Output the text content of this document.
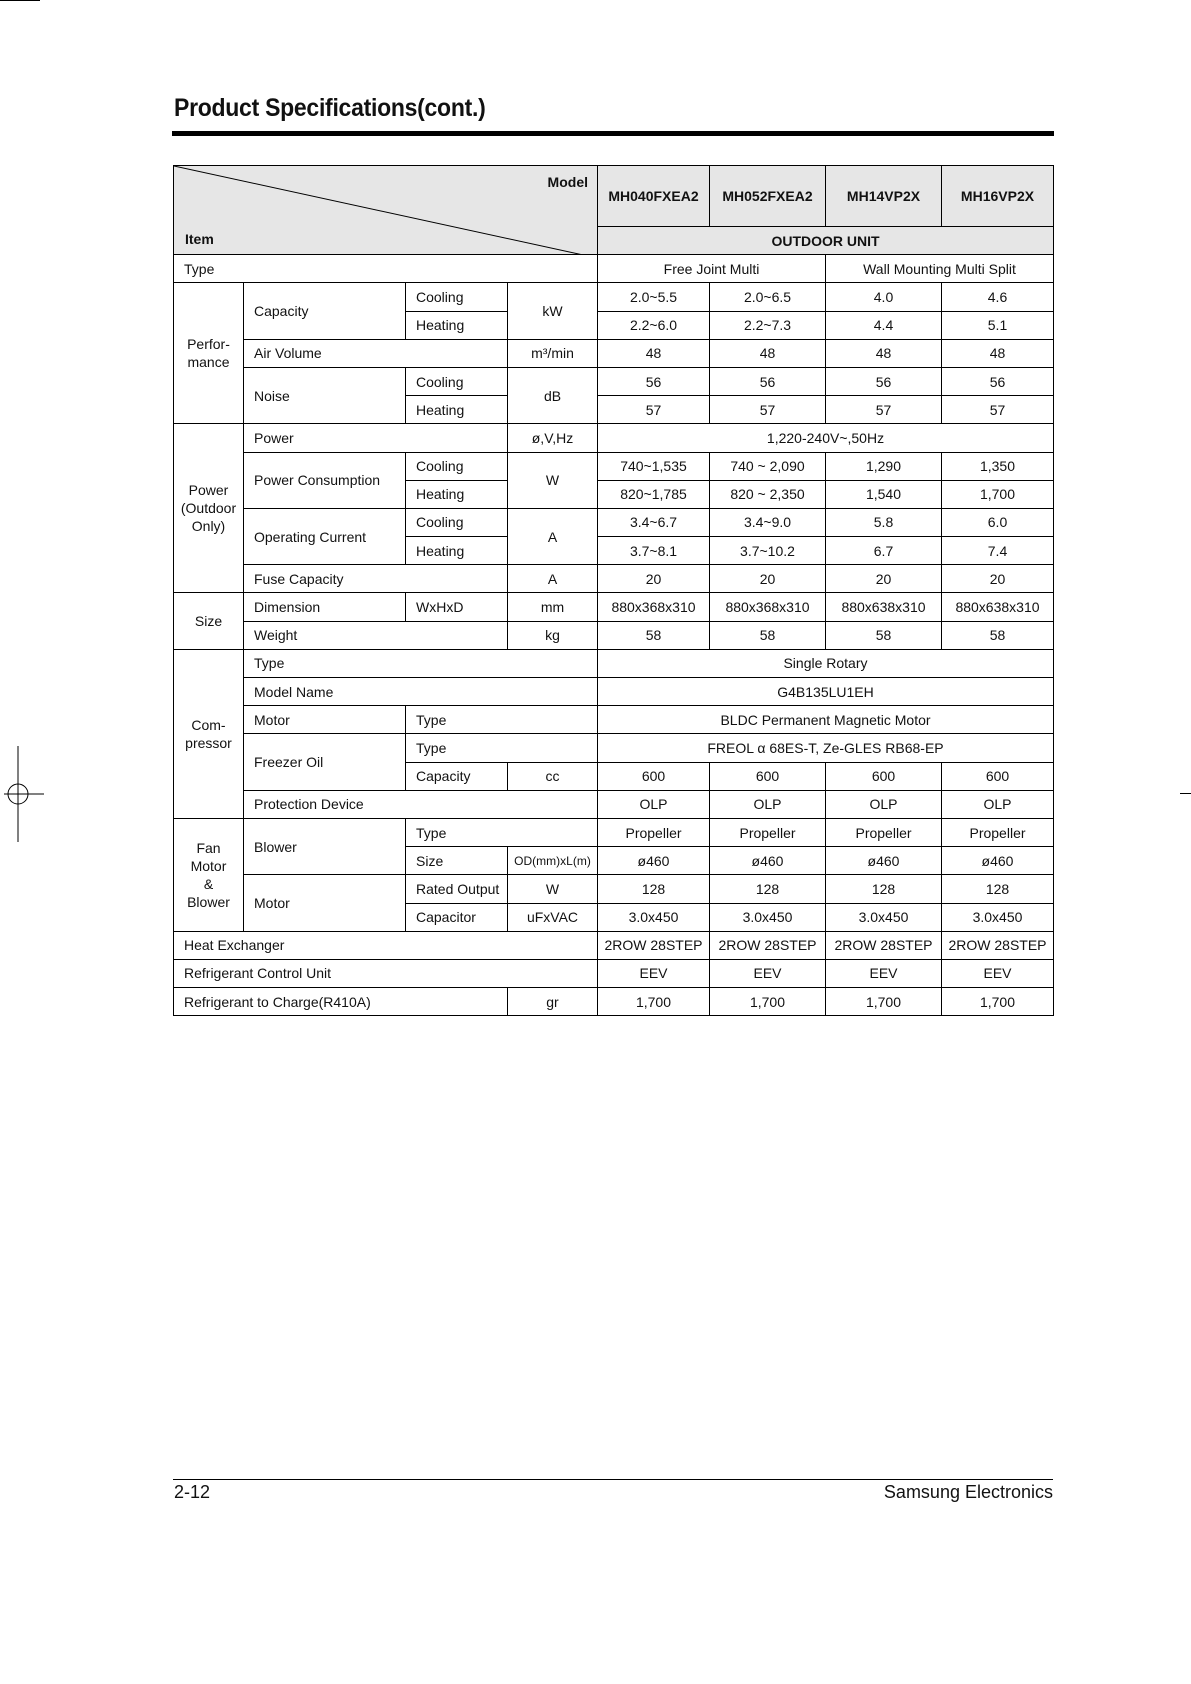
Product Specifications(cont.)
Model
Item				MH040FXEA2	MH052FXEA2	MH14VP2X	MH16VP2X
				OUTDOOR UNIT			
Type				Free Joint Multi		Wall Mounting Multi Split	
Perfor-
mance	Capacity	Cooling	kW	2.0~5.5	2.0~6.5	4.0	4.6
		Heating		2.2~6.0	2.2~7.3	4.4	5.1
	Air Volume		m³/min	48	48	48	48
	Noise	Cooling	dB	56	56	56	56
		Heating		57	57	57	57
Power
(Outdoor
Only)	Power		ø,V,Hz	1,220-240V~,50Hz			
	Power Consumption	Cooling	W	740~1,535	740 ~ 2,090	1,290	1,350
		Heating		820~1,785	820 ~ 2,350	1,540	1,700
	Operating Current	Cooling	A	3.4~6.7	3.4~9.0	5.8	6.0
		Heating		3.7~8.1	3.7~10.2	6.7	7.4
	Fuse Capacity		A	20	20	20	20
Size	Dimension	WxHxD	mm	880x368x310	880x368x310	880x638x310	880x638x310
	Weight		kg	58	58	58	58
Com-
pressor	Type			Single Rotary			
	Model Name			G4B135LU1EH			
	Motor	Type		BLDC Permanent Magnetic Motor			
	Freezer Oil	Type		FREOL α 68ES-T, Ze-GLES RB68-EP			
		Capacity	cc	600	600	600	600
	Protection Device			OLP	OLP	OLP	OLP
Fan Motor
&
Blower	Blower	Type		Propeller	Propeller	Propeller	Propeller
		Size	OD(mm)xL(m)	ø460	ø460	ø460	ø460
	Motor	Rated Output	W	128	128	128	128
		Capacitor	uFxVAC	3.0x450	3.0x450	3.0x450	3.0x450
Heat Exchanger				2ROW 28STEP	2ROW 28STEP	2ROW 28STEP	2ROW 28STEP
Refrigerant Control Unit				EEV	EEV	EEV	EEV
Refrigerant to Charge(R410A)			gr	1,700	1,700	1,700	1,700
2-12	Samsung Electronics
